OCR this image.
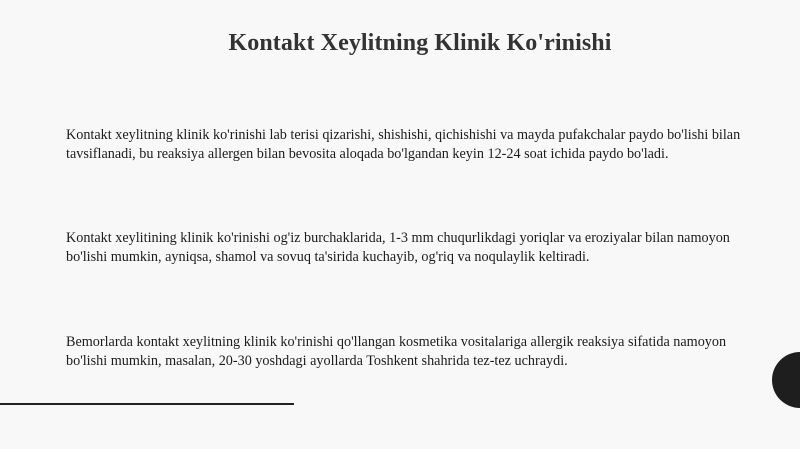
Kontakt Xeylitning Klinik Ko'rinishi
Kontakt xeylitning klinik ko'rinishi lab terisi qizarishi, shishishi, qichishishi va mayda pufakchalar paydo bo'lishi bilan tavsiflanadi, bu reaksiya allergen bilan bevosita aloqada bo'lgandan keyin 12-24 soat ichida paydo bo'ladi.
Kontakt xeylitining klinik ko'rinishi og'iz burchaklarida, 1-3 mm chuqurlikdagi yoriqlar va eroziyalar bilan namoyon bo'lishi mumkin, ayniqsa, shamol va sovuq ta'sirida kuchayib, og'riq va noqulaylik keltiradi.
Bemorlarda kontakt xeylitning klinik ko'rinishi qo'llangan kosmetika vositalariga allergik reaksiya sifatida namoyon bo'lishi mumkin, masalan, 20-30 yoshdagi ayollarda Toshkent shahrida tez-tez uchraydi.
